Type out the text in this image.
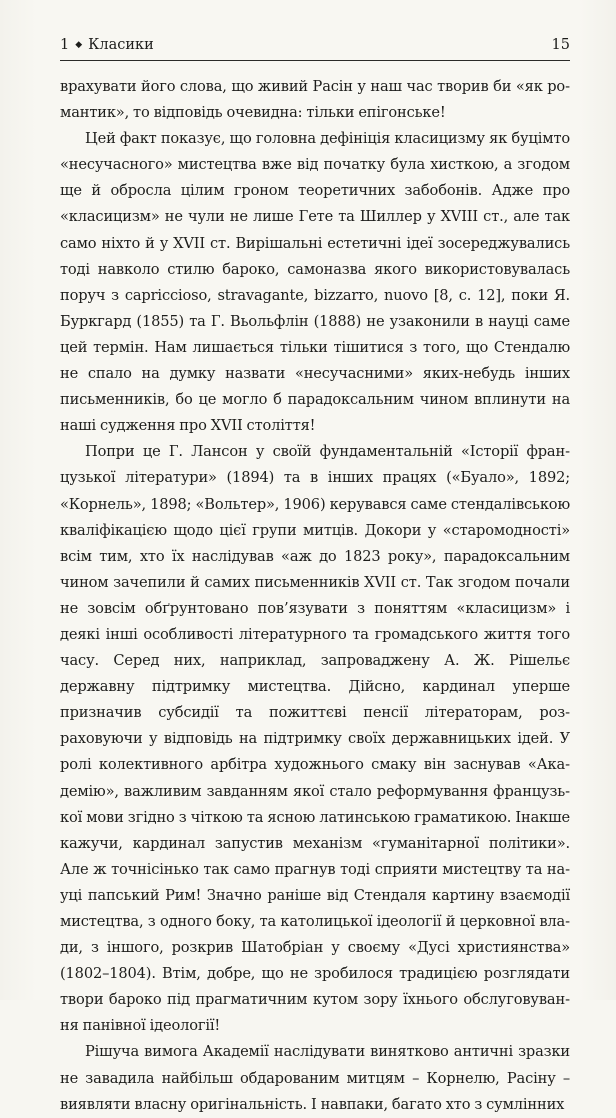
1 ◆ Класики	15

врахувати його слова, що живий Расін у наш час творив би «як романтик», то відповідь очевидна: тільки епігонське!

Цей факт показує, що головна дефініція класицизму як буцімто «несучасного» мистецтва вже від початку була хисткою, а згодом ще й обросла цілим гроном теоретичних забобонів. Адже про «класицизм» не чули не лише Гете та Шиллер у XVIII ст., але так само ніхто й у XVII ст. Вирішальні естетичні ідеї зосереджувались тоді навколо стилю бароко, самоназва якого використовувалась поруч з capriccioso, stravagante, bizzarro, nuovo [8, с. 12], поки Я. Буркгард (1855) та Г. Вьольфлін (1888) не узаконили в науці саме цей термін. Нам лишається тільки тішитися з того, що Стендалю не спало на думку назвати «несучасними» яких-небудь інших письменників, бо це могло б парадоксальним чином вплинути на наші судження про XVII століття!

Попри це Г. Лансон у своїй фундаментальній «Історії французької літератури» (1894) та в інших працях («Буало», 1892; «Корнель», 1898; «Вольтер», 1906) керувався саме стендалівською кваліфікацією щодо цієї групи митців. Докори у «старомодності» всім тим, хто їх наслідував «аж до 1823 року», парадоксальним чином зачепили й самих письменників XVII ст. Так згодом почали не зовсім обґрунтовано пов’язувати з поняттям «класицизм» і деякі інші особливості літературного та громадського життя того часу. Серед них, наприклад, запроваджену А. Ж. Рішельє державну підтримку мистецтва. Дійсно, кардинал уперше призначив субсидії та пожиттєві пенсії літераторам, розраховуючи у відповідь на підтримку своїх державницьких ідей. У ролі колективного арбітра художнього смаку він заснував «Академію», важливим завданням якої стало реформування французької мови згідно з чіткою та ясною латинською граматикою. Інакше кажучи, кардинал запустив механізм «гуманітарної політики». Але ж точнісінько так само прагнув тоді сприяти мистецтву та науці папський Рим! Значно раніше від Стендаля картину взаємодії мистецтва, з одного боку, та католицької ідеології й церковної влади, з іншого, розкрив Шатобріан у своєму «Дусі християнства» (1802–1804). Втім, добре, що не зробилося традицією розглядати твори бароко під прагматичним кутом зору їхнього обслуговування панівної ідеології!

Рішуча вимога Академії наслідувати винятково античні зразки не завадила найбільш обдарованим митцям – Корнелю, Расіну – виявляти власну оригінальність. І навпаки, багато хто з сумлінних
